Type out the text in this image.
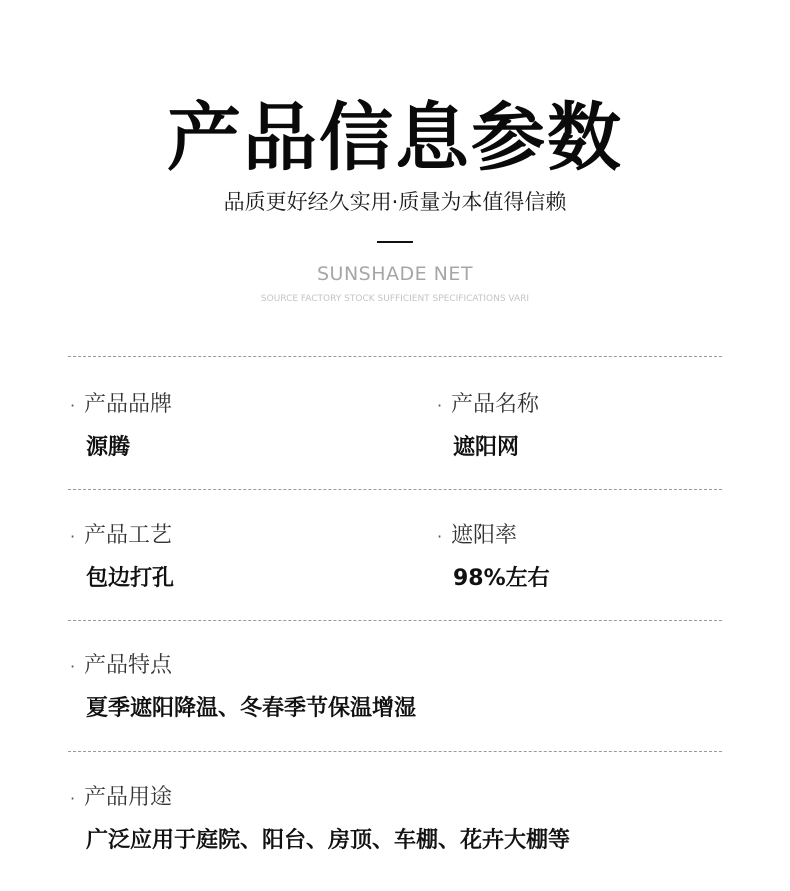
产品信息参数
品质更好经久实用·质量为本值得信赖
SUNSHADE NET
SOURCE FACTORY STOCK SUFFICIENT SPECIFICATIONS VARI
· 产品品牌
源腾
· 产品名称
遮阳网
· 产品工艺
包边打孔
· 遮阳率
98%左右
· 产品特点
夏季遮阳降温、冬春季节保温增湿
· 产品用途
广泛应用于庭院、阳台、房顶、车棚、花卉大棚等
